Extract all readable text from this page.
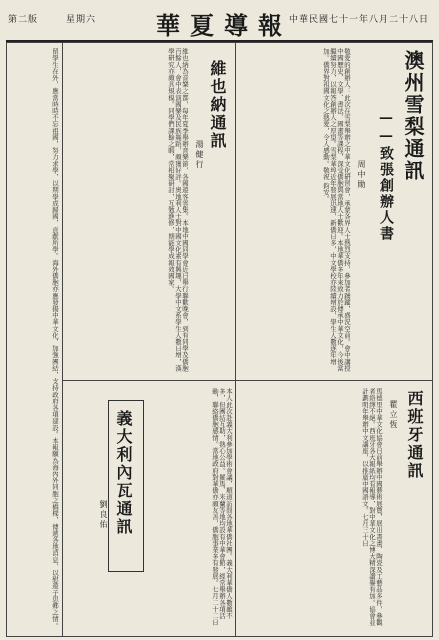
中華民國七十一年八月二十八日
華夏導報
星期六
第二版
澳州雪梨通訊
——致張創辦人書
周中勛
敬愛的創辦人：此次在雪梨舉辦之中華文化研習會，承蒙各界人士熱烈支持，參加者踴躍，盛況空前。會中講授中國歷史、文學、書法、國畫等課程，深受僑胞與當地人士歡迎。本地華僑多年來致力於傳承中華文化，今後當繼續努力，以報答創辦人之厚望。雪梨華埠近年發展迅速，新僑日多，中文學校亦陸續增設，學生人數逐年增加。僑界對祖國文化之熱愛，令人感動。敬祝 鈞安。
維也納通訊
湯健行
維也納為音樂之都，每年夏季舉辦音樂節，各國遊客雲集。本地中國同學會近日舉行聯歡晚會，到有同學及僑胞百餘人，會中表演國樂及民族舞蹈，頗獲好評。奧地利人士對中國文化素有興趣，大學中文系學生人數日增，漢學研究亦頗具規模。同學們課餘之暇，常相聚研討，互勉進修，期能學成報效國家。
西班牙通訊
瞿立恆
馬德里中華文化協會日前舉辦中國藝術展覽，展出書畫、陶瓷及工藝品多件，參觀者絡繹不絕。西班牙各大報紙均有報導，對中華文化之博大精深讚譽有加。協會並計劃明年舉辦中文講座，以推廣中國語文。七月三十日
義大利內瓦通訊
劉良佑	本人此次赴義大利參加學術會議，順道訪問各地華僑社團。義大利華僑人數雖不多，但團結互助，熱心公益。羅馬、米蘭等地均設有中華會館，經常舉辦各項活動，聯絡僑胞感情。當地政府對華僑亦頗友善，僑胞事業多有發展。七月二十二日
留學生在外，應當時時不忘祖國，努力求學，以期學成歸國，貢獻所學。海外僑胞亦應發揚中華文化，加強團結，支持政府各項建設。本報願為海內外同胞之橋樑，傳遞各地消息，以慰遊子思鄉之情。
